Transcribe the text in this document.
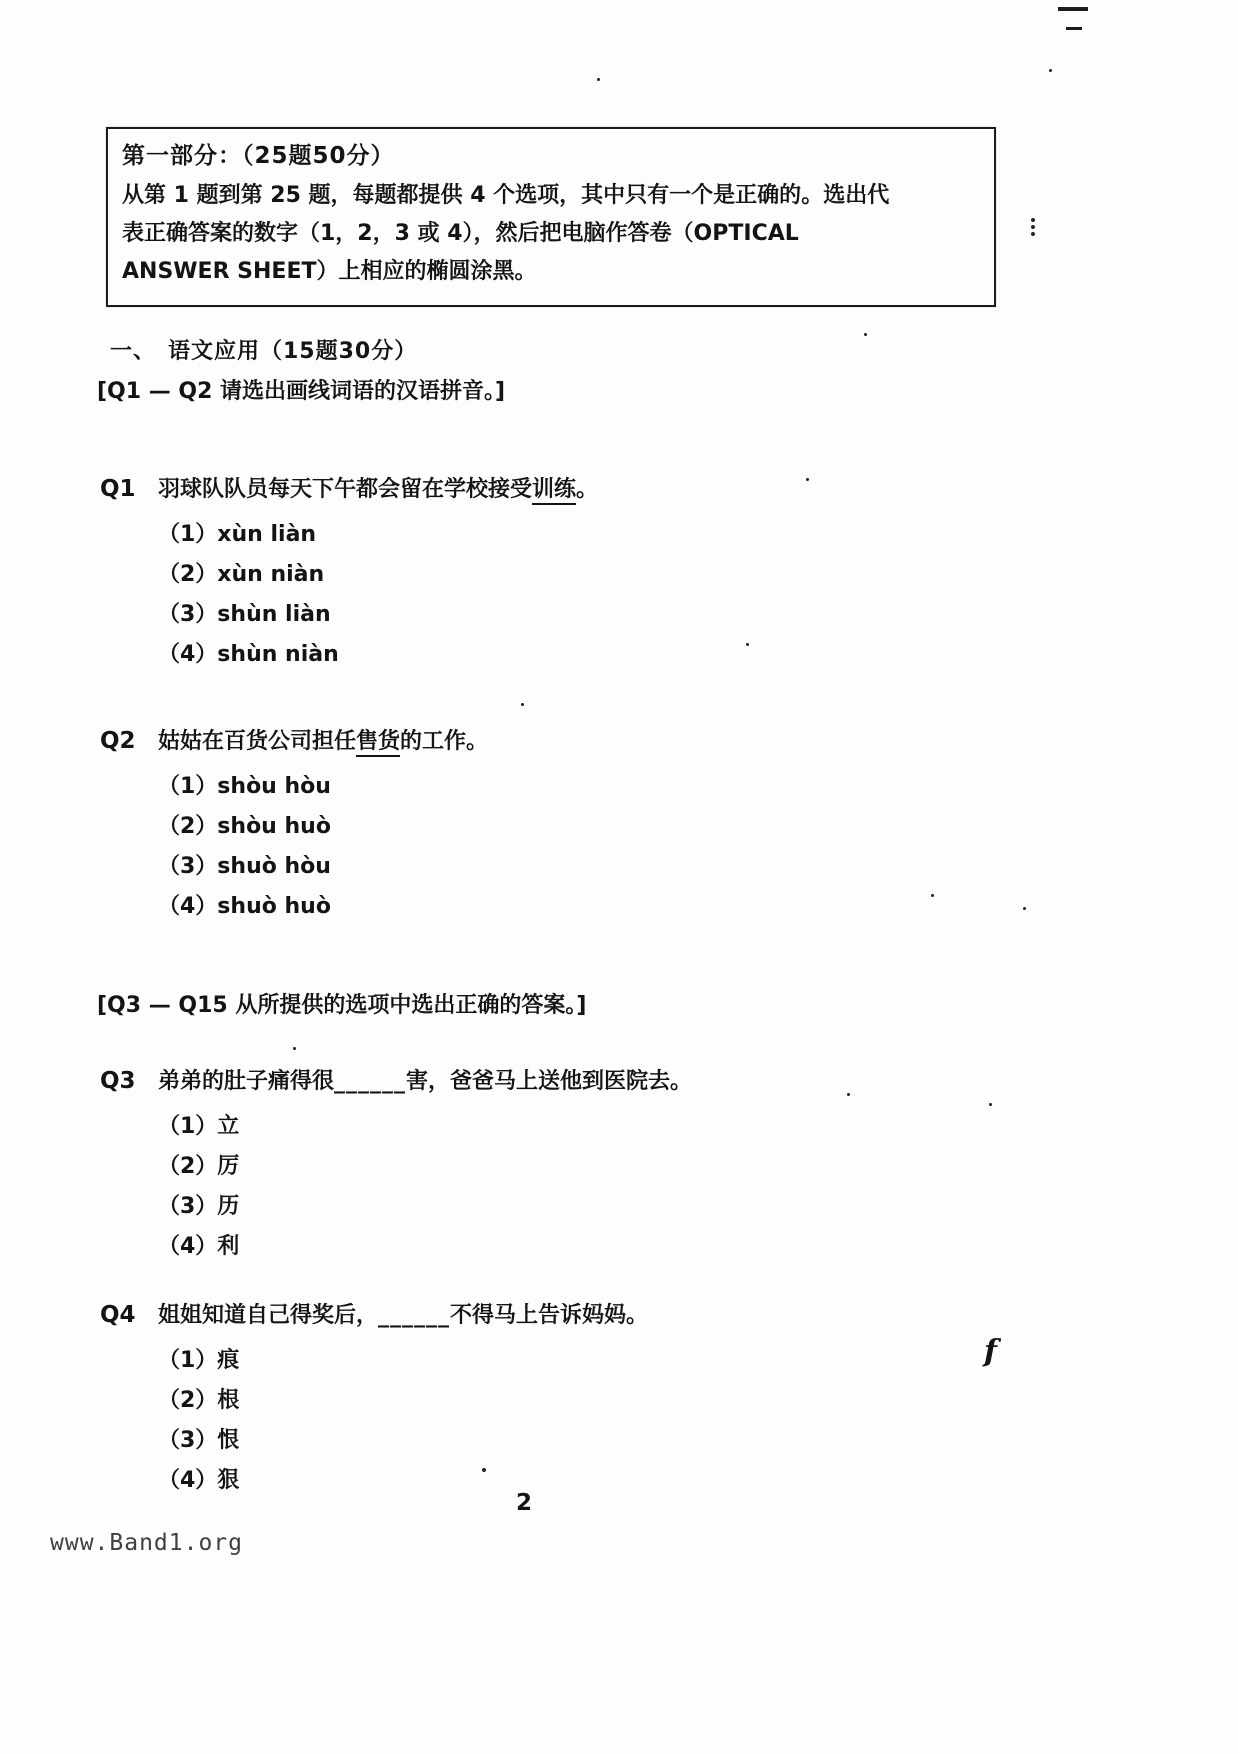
第一部分：（25题50分）
从第 1 题到第 25 题，每题都提供 4 个选项，其中只有一个是正确的。选出代
表正确答案的数字（1，2，3 或 4），然后把电脑作答卷（OPTICAL
ANSWER SHEET）上相应的椭圆涂黑。
一、　语文应用（15题30分）
[Q1 — Q2 请选出画线词语的汉语拼音。]
Q1	羽球队队员每天下午都会留在学校接受训练。
（1）xùn liàn
（2）xùn niàn
（3）shùn liàn
（4）shùn niàn
Q2	姑姑在百货公司担任售货的工作。
（1）shòu hòu
（2）shòu huò
（3）shuò hòu
（4）shuò huò
[Q3 — Q15 从所提供的选项中选出正确的答案。]
Q3	弟弟的肚子痛得很______害，爸爸马上送他到医院去。
（1）立
（2）厉
（3）历
（4）利
Q4	姐姐知道自己得奖后，______不得马上告诉妈妈。
（1）痕
（2）根
（3）恨
（4）狠
2
www.Band1.org
f
